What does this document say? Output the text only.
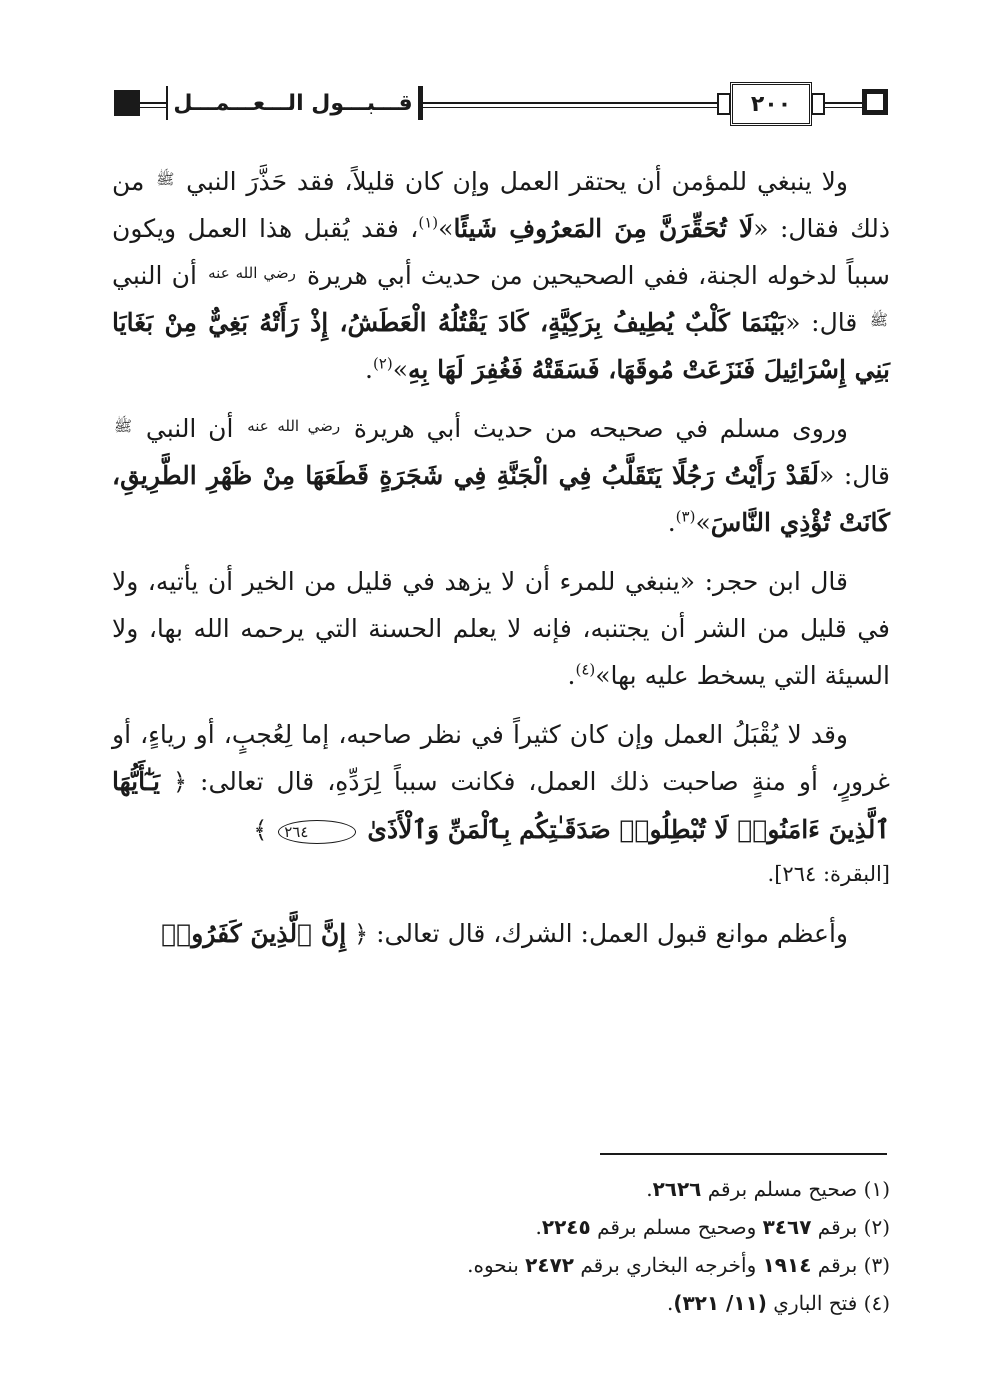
قـــبـــول الـــعـــمـــل	٢٠٠

ولا ينبغي للمؤمن أن يحتقر العمل وإن كان قليلاً، فقد حَذَّرَ النبي $^ﷺ$ من ذلك فقال: «لَا تُحَقِّرَنَّ مِنَ المَعرُوفِ شَيئًا»$^{(١)}$، فقد يُقبل هذا العمل ويكون سبباً لدخوله الجنة، ففي الصحيحين من حديث أبي هريرة $^{رضي الله عنه}$ أن النبي $^ﷺ$ قال: «بَيْنَمَا كَلْبٌ يُطِيفُ بِرَكِيَّةٍ، كَادَ يَقْتُلُهُ الْعَطَشُ، إِذْ رَأَتْهُ بَغِيٌّ مِنْ بَغَايَا بَنِي إِسْرَائِيلَ فَنَزَعَتْ مُوقَهَا، فَسَقَتْهُ فَغُفِرَ لَهَا بِهِ»$^{(٢)}$.

وروى مسلم في صحيحه من حديث أبي هريرة $^{رضي الله عنه}$ أن النبي $^ﷺ$ قال: «لَقَدْ رَأَيْتُ رَجُلًا يَتَقَلَّبُ فِي الْجَنَّةِ فِي شَجَرَةٍ قَطَعَهَا مِنْ ظَهْرِ الطَّرِيقِ، كَانَتْ تُؤْذِي النَّاسَ»$^{(٣)}$.

قال ابن حجر: «ينبغي للمرء أن لا يزهد في قليل من الخير أن يأتيه، ولا في قليل من الشر أن يجتنبه، فإنه لا يعلم الحسنة التي يرحمه الله بها، ولا السيئة التي يسخط عليه بها»$^{(٤)}$.

وقد لا يُقْبَلُ العمل وإن كان كثيراً في نظر صاحبه، إما لِعُجبٍ، أو رياءٍ، أو غرورٍ، أو منةٍ صاحبت ذلك العمل، فكانت سبباً لِرَدِّهِ، قال تعالى: ﴿ يَـٰٓأَيُّهَا ٱلَّذِينَ ءَامَنُوا۟ لَا تُبْطِلُوا۟ صَدَقَـٰتِكُم بِٱلْمَنِّ وَٱلْأَذَىٰ ٢٦٤ ﴾

[البقرة: ٢٦٤].

وأعظم موانع قبول العمل: الشرك، قال تعالى: ﴿ إِنَّ ٱلَّذِينَ كَفَرُوا۟

(١) صحيح مسلم برقم ٢٦٢٦.

(٢) برقم ٣٤٦٧ وصحيح مسلم برقم ٢٢٤٥.

(٣) برقم ١٩١٤ وأخرجه البخاري برقم ٢٤٧٢ بنحوه.

(٤) فتح الباري (١١/ ٣٢١).
